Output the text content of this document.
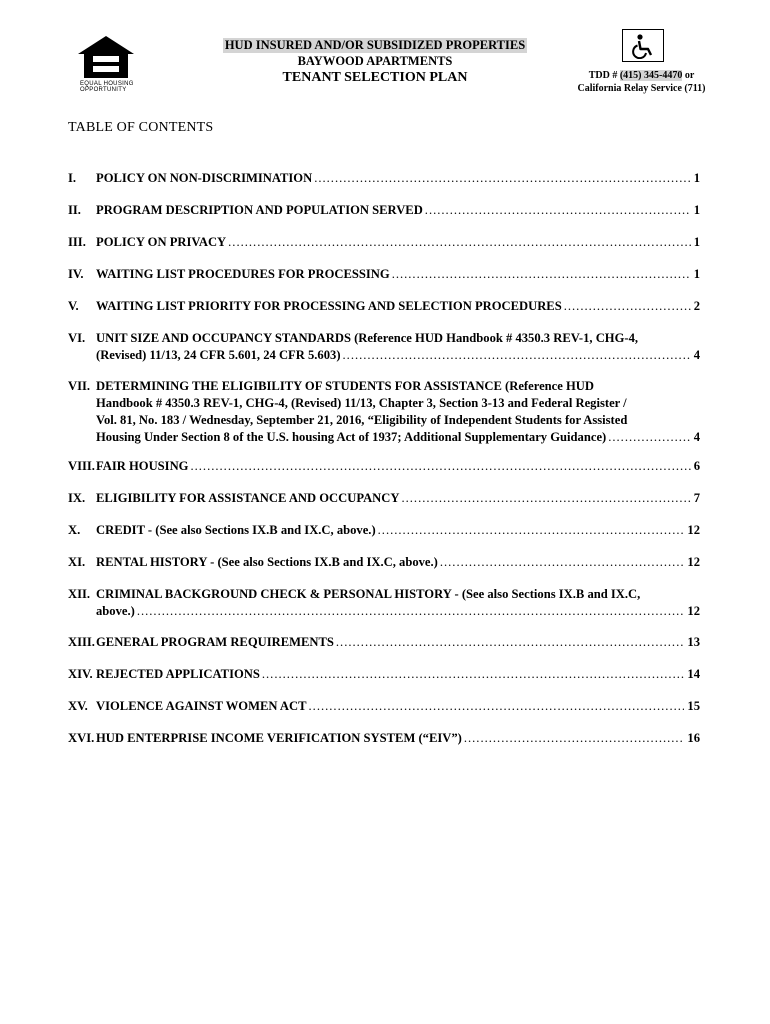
EQUAL HOUSING
OPPORTUNITY
HUD INSURED AND/OR SUBSIDIZED PROPERTIES
BAYWOOD APARTMENTS
TENANT SELECTION PLAN	TDD # (415) 345-4470 or
California Relay Service (711)
TABLE OF CONTENTS
I. POLICY ON NON-DISCRIMINATION .....	1
II. PROGRAM DESCRIPTION AND POPULATION SERVED .....	1
III. POLICY ON PRIVACY .....	1
IV. WAITING LIST PROCEDURES FOR PROCESSING .....	1
V. WAITING LIST PRIORITY FOR PROCESSING AND SELECTION PROCEDURES .....	2
VI. UNIT SIZE AND OCCUPANCY STANDARDS (Reference HUD Handbook # 4350.3 REV-1, CHG-4,
(Revised) 11/13, 24 CFR 5.601, 24 CFR 5.603) .....	4
VII. DETERMINING THE ELIGIBILITY OF STUDENTS FOR ASSISTANCE (Reference HUD
Handbook # 4350.3 REV-1, CHG-4, (Revised) 11/13, Chapter 3, Section 3-13 and Federal Register /
Vol. 81, No. 183 / Wednesday, September 21, 2016, “Eligibility of Independent Students for Assisted
Housing Under Section 8 of the U.S. housing Act of 1937; Additional Supplementary Guidance) .....	4
VIII. FAIR HOUSING .....	6
IX. ELIGIBILITY FOR ASSISTANCE AND OCCUPANCY .....	7
X. CREDIT - (See also Sections IX.B and IX.C, above.) .....	12
XI. RENTAL HISTORY - (See also Sections IX.B and IX.C, above.) .....	12
XII. CRIMINAL BACKGROUND CHECK & PERSONAL HISTORY - (See also Sections IX.B and IX.C,
above.) .....	12
XIII. GENERAL PROGRAM REQUIREMENTS .....	13
XIV. REJECTED APPLICATIONS .....	14
XV. VIOLENCE AGAINST WOMEN ACT .....	15
XVI. HUD ENTERPRISE INCOME VERIFICATION SYSTEM (“EIV”) .....	16
